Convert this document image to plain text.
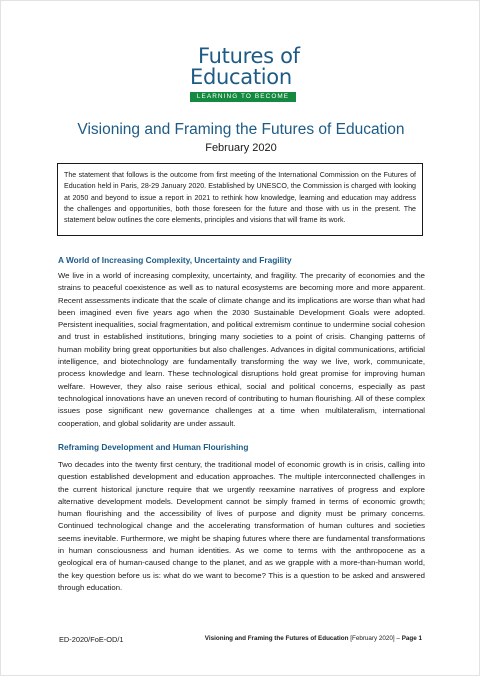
Futures of
Education
LEARNING TO BECOME
Visioning and Framing the Futures of Education
February 2020
The statement that follows is the outcome from first meeting of the International Commission on the Futures of Education held in Paris, 28-29 January 2020. Established by UNESCO, the Commission is charged with looking at 2050 and beyond to issue a report in 2021 to rethink how knowledge, learning and education may address the challenges and opportunities, both those foreseen for the future and those with us in the present. The statement below outlines the core elements, principles and visions that will frame its work.
A World of Increasing Complexity, Uncertainty and Fragility
We live in a world of increasing complexity, uncertainty, and fragility. The precarity of economies and the strains to peaceful coexistence as well as to natural ecosystems are becoming more and more apparent. Recent assessments indicate that the scale of climate change and its implications are worse than what had been imagined even five years ago when the 2030 Sustainable Development Goals were adopted. Persistent inequalities, social fragmentation, and political extremism continue to undermine social cohesion and trust in established institutions, bringing many societies to a point of crisis. Changing patterns of human mobility bring great opportunities but also challenges. Advances in digital communications, artificial intelligence, and biotechnology are fundamentally transforming the way we live, work, communicate, process knowledge and learn. These technological disruptions hold great promise for improving human welfare. However, they also raise serious ethical, social and political concerns, especially as past technological innovations have an uneven record of contributing to human flourishing. All of these complex issues pose significant new governance challenges at a time when multilateralism, international cooperation, and global solidarity are under assault.
Reframing Development and Human Flourishing
Two decades into the twenty first century, the traditional model of economic growth is in crisis, calling into question established development and education approaches. The multiple interconnected challenges in the current historical juncture require that we urgently reexamine narratives of progress and explore alternative development models. Development cannot be simply framed in terms of economic growth; human flourishing and the accessibility of lives of purpose and dignity must be primary concerns. Continued technological change and the accelerating transformation of human cultures and societies seems inevitable. Furthermore, we might be shaping futures where there are fundamental transformations in human consciousness and human identities. As we come to terms with the anthropocene as a geological era of human-caused change to the planet, and as we grapple with a more-than-human world, the key question before us is: what do we want to become? This is a question to be asked and answered through education.
ED-2020/FoE-OD/1	Visioning and Framing the Futures of Education [February 2020] – Page 1
